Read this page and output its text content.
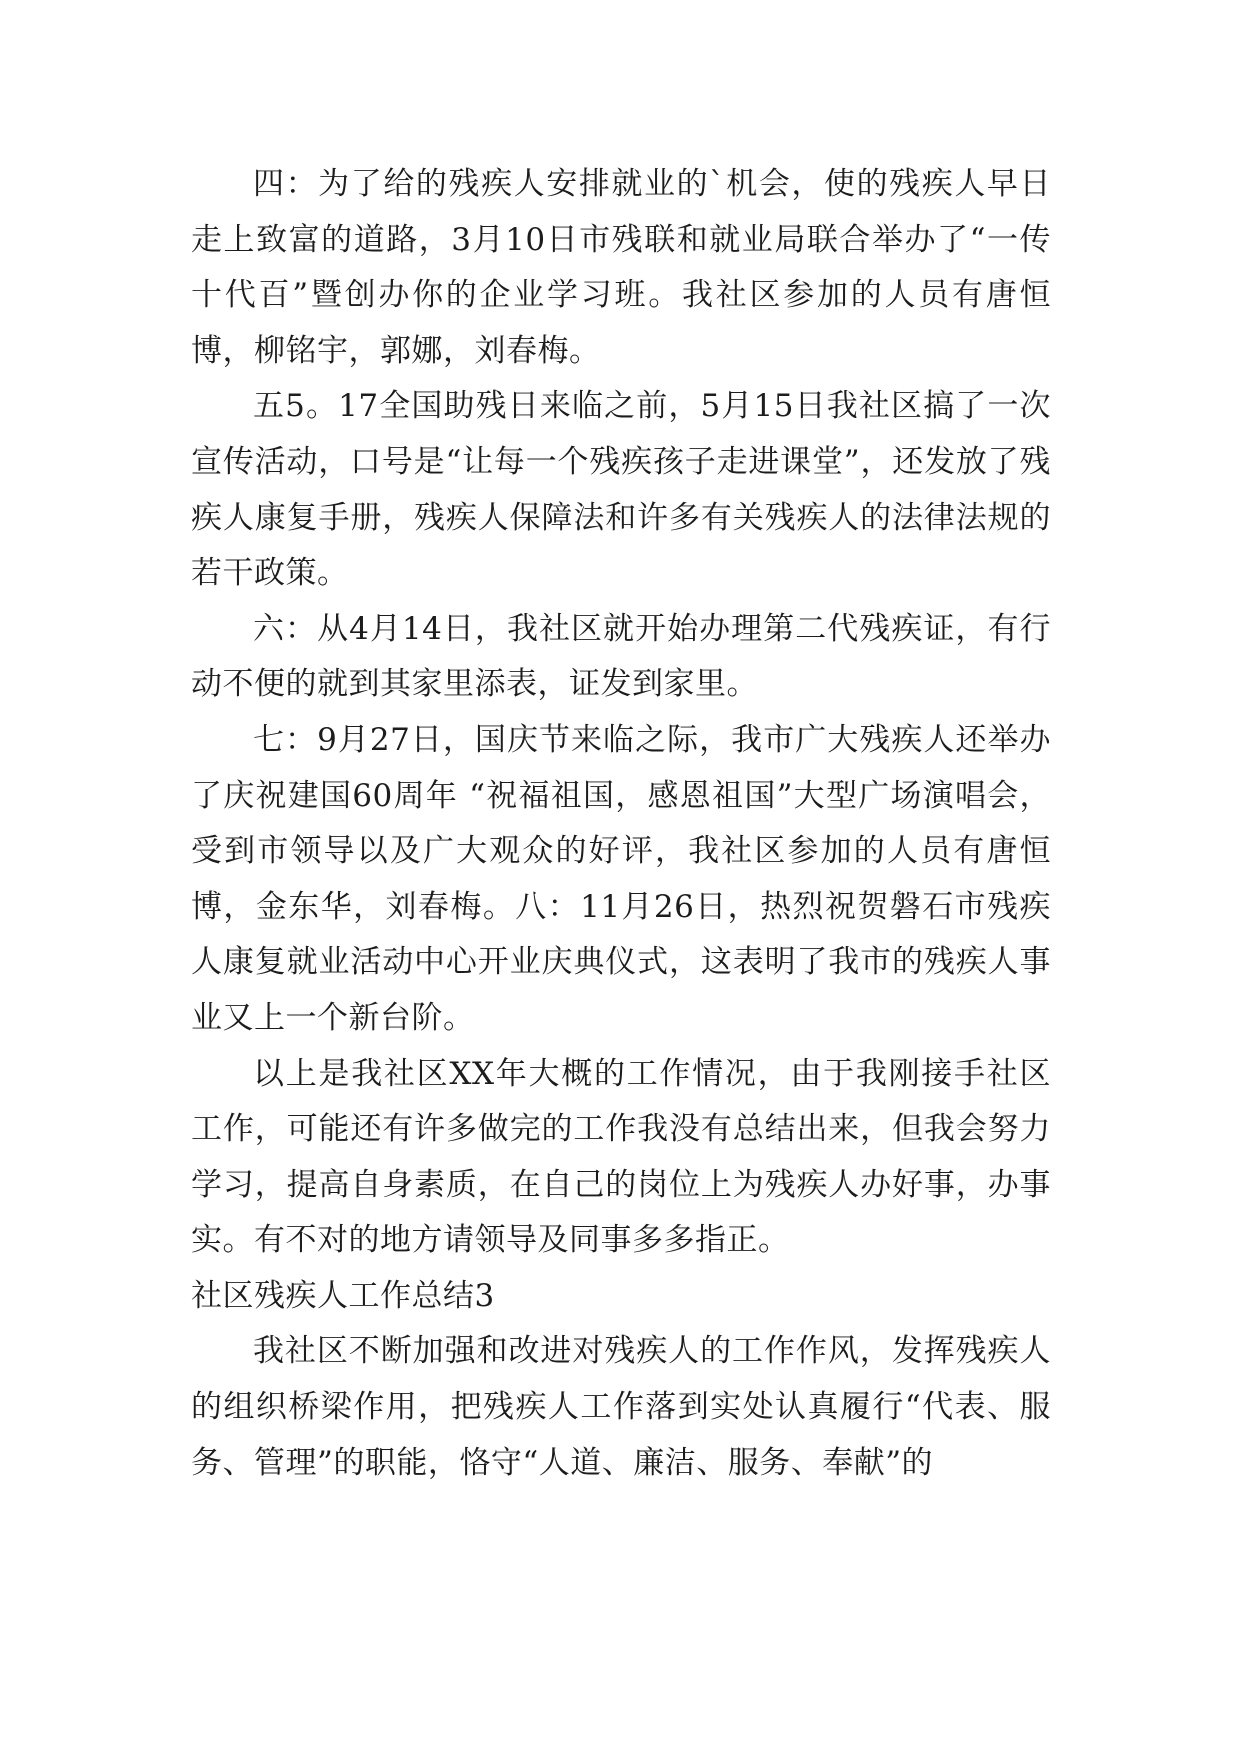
四：为了给的残疾人安排就业的`机会，使的残疾人早日走上致富的道路，3月10日市残联和就业局联合举办了“一传十代百”暨创办你的企业学习班。我社区参加的人员有唐恒博，柳铭宇，郭娜，刘春梅。

五5。17全国助残日来临之前，5月15日我社区搞了一次宣传活动，口号是“让每一个残疾孩子走进课堂”，还发放了残疾人康复手册，残疾人保障法和许多有关残疾人的法律法规的若干政策。

六：从4月14日，我社区就开始办理第二代残疾证，有行动不便的就到其家里添表，证发到家里。

七：9月27日，国庆节来临之际，我市广大残疾人还举办了庆祝建国60周年 “祝福祖国，感恩祖国”大型广场演唱会，受到市领导以及广大观众的好评，我社区参加的人员有唐恒博，金东华，刘春梅。八：11月26日，热烈祝贺磐石市残疾人康复就业活动中心开业庆典仪式，这表明了我市的残疾人事业又上一个新台阶。

以上是我社区XX年大概的工作情况，由于我刚接手社区工作，可能还有许多做完的工作我没有总结出来，但我会努力学习，提高自身素质，在自己的岗位上为残疾人办好事，办事实。有不对的地方请领导及同事多多指正。

社区残疾人工作总结3

我社区不断加强和改进对残疾人的工作作风，发挥残疾人的组织桥梁作用，把残疾人工作落到实处认真履行“代表、服务、管理”的职能，恪守“人道、廉洁、服务、奉献”的
